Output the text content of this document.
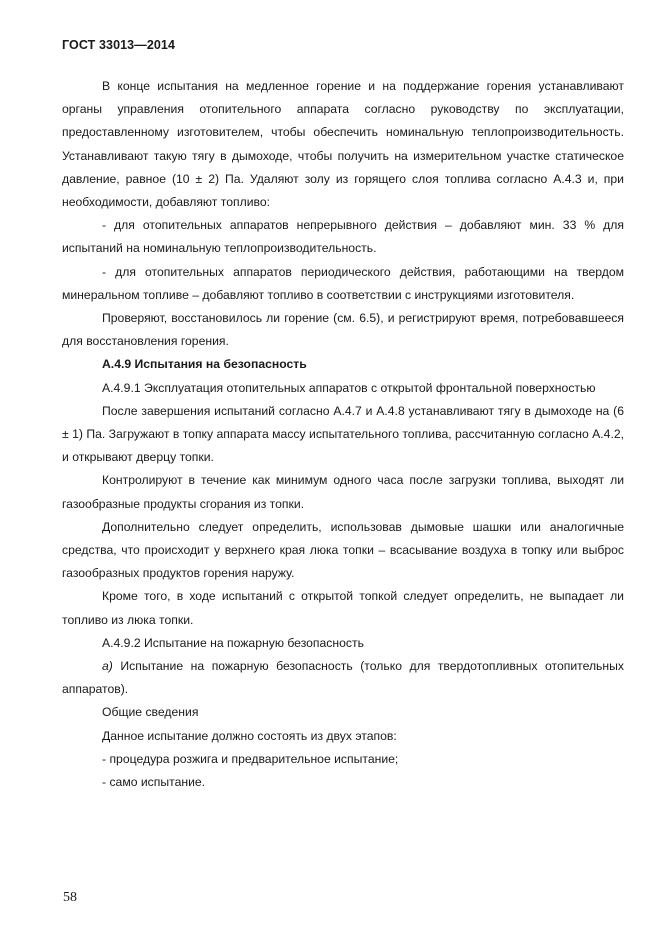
ГОСТ 33013—2014

В конце испытания на медленное горение и на поддержание горения устанавливают органы управления отопительного аппарата согласно руководству по эксплуатации, предоставленному изготовителем, чтобы обеспечить номинальную теплопроизводительность. Устанавливают такую тягу в дымоходе, чтобы получить на измерительном участке статическое давление, равное (10 ± 2) Па. Удаляют золу из горящего слоя топлива согласно А.4.3 и, при необходимости, добавляют топливо:

- для отопительных аппаратов непрерывного действия – добавляют мин. 33 % для испытаний на номинальную теплопроизводительность.

- для отопительных аппаратов периодического действия, работающими на твердом минеральном топливе – добавляют топливо в соответствии с инструкциями изготовителя.

Проверяют, восстановилось ли горение (см. 6.5), и регистрируют время, потребовавшееся для восстановления горения.

А.4.9 Испытания на безопасность

А.4.9.1 Эксплуатация отопительных аппаратов с открытой фронтальной поверхностью

После завершения испытаний согласно А.4.7 и А.4.8 устанавливают тягу в дымоходе на (6 ± 1) Па. Загружают в топку аппарата массу испытательного топлива, рассчитанную согласно А.4.2, и открывают дверцу топки.

Контролируют в течение как минимум одного часа после загрузки топлива, выходят ли газообразные продукты сгорания из топки.

Дополнительно следует определить, использовав дымовые шашки или аналогичные средства, что происходит у верхнего края люка топки – всасывание воздуха в топку или выброс газообразных продуктов горения наружу.

Кроме того, в ходе испытаний с открытой топкой следует определить, не выпадает ли топливо из люка топки.

А.4.9.2 Испытание на пожарную безопасность

а) Испытание на пожарную безопасность (только для твердотопливных отопительных аппаратов).

Общие сведения

Данное испытание должно состоять из двух этапов:

- процедура розжига и предварительное испытание;

- само испытание.

58
